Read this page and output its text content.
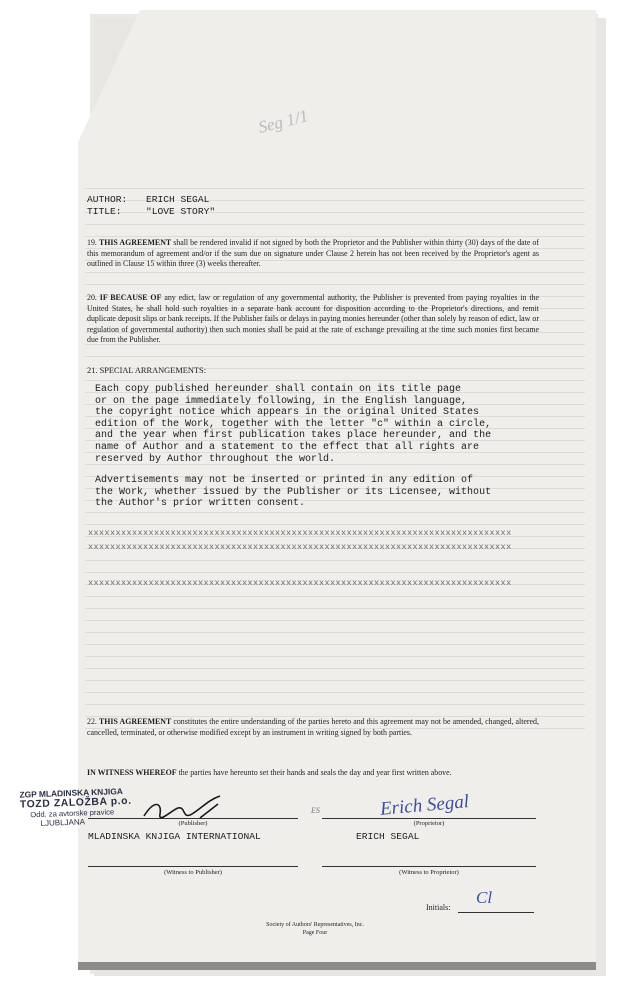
Seg 1/1
AUTHOR: ERICH SEGAL
TITLE:	"LOVE STORY"
19. THIS AGREEMENT shall be rendered invalid if not signed by both the Proprietor and the Publisher within thirty (30) days of the date of this memorandum of agreement and/or if the sum due on signature under Clause 2 herein has not been received by the Proprietor's agent as outlined in Clause 15 within three (3) weeks thereafter.
20. IF BECAUSE OF any edict, law or regulation of any governmental authority, the Publisher is prevented from paying royalties in the United States, he shall hold such royalties in a separate bank account for disposition according to the Proprietor's directions, and remit duplicate deposit slips or bank receipts. If the Publisher fails or delays in paying monies hereunder (other than solely by reason of edict, law or regulation of governmental authority) then such monies shall be paid at the rate of exchange prevailing at the time such monies first became due from the Publisher.
21. SPECIAL ARRANGEMENTS:
Each copy published hereunder shall contain on its title page
or on the page immediately following, in the English language,
the copyright notice which appears in the original United States
edition of the Work, together with the letter "c" within a circle,
and the year when first publication takes place hereunder, and the
name of Author and a statement to the effect that all rights are
reserved by Author throughout the world.
Advertisements may not be inserted or printed in any edition of
the Work, whether issued by the Publisher or its Licensee, without
the Author's prior written consent.
xxxxxxxxxxxxxxxxxxxxxxxxxxxxxxxxxxxxxxxxxxxxxxxxxxxxxxxxxxxxxxxxxxxxxxxxxxxxx
xxxxxxxxxxxxxxxxxxxxxxxxxxxxxxxxxxxxxxxxxxxxxxxxxxxxxxxxxxxxxxxxxxxxxxxxxxxxx
xxxxxxxxxxxxxxxxxxxxxxxxxxxxxxxxxxxxxxxxxxxxxxxxxxxxxxxxxxxxxxxxxxxxxxxxxxxxx
22. THIS AGREEMENT constitutes the entire understanding of the parties hereto and this agreement may not be amended, changed, altered, cancelled, terminated, or otherwise modified except by an instrument in writing signed by both parties.
IN WITNESS WHEREOF the parties have hereunto set their hands and seals the day and year first written above.
(Publisher)	(Proprietor)
MLADINSKA KNJIGA INTERNATIONAL	ERICH SEGAL
Erich Segal
ES
ZGP MLADINSKA KNJIGA
TOZD ZALOŽBA p.o.
Odd. za avtorske pravice
LJUBLJANA
(Witness to Publisher)	(Witness to Proprietor)
Initials:
Cl
Society of Authors' Representatives, Inc.
Page Four
